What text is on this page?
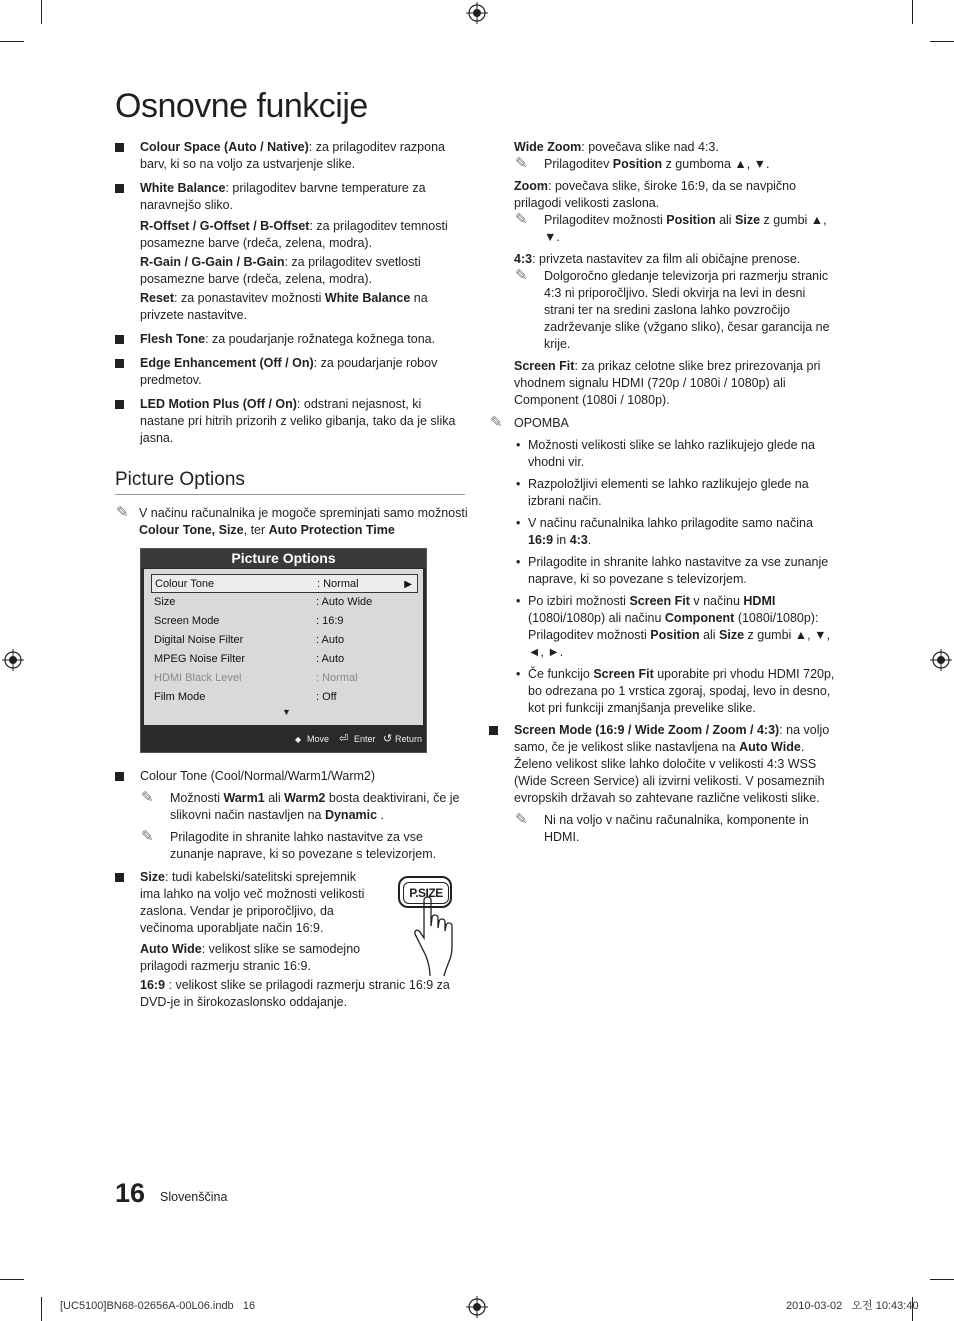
Osnovne funkcije

Colour Space (Auto / Native): za prilagoditev razpona barv, ki so na voljo za ustvarjenje slike.

White Balance: prilagoditev barvne temperature za naravnejšo sliko.

R-Offset / G-Offset / B-Offset: za prilagoditev temnosti posamezne barve (rdeča, zelena, modra).

R-Gain / G-Gain / B-Gain: za prilagoditev svetlosti posamezne barve (rdeča, zelena, modra).

Reset: za ponastavitev možnosti White Balance na privzete nastavitve.

Flesh Tone: za poudarjanje rožnatega kožnega tona.

Edge Enhancement (Off / On): za poudarjanje robov predmetov.

LED Motion Plus (Off / On): odstrani nejasnost, ki nastane pri hitrih prizorih z veliko gibanja, tako da je slika jasna.

Picture Options
✎ V načinu računalnika je mogoče spreminjati samo možnosti Colour Tone, Size, ter Auto Protection Time

Picture Options
Colour Tone	: Normal	▶
Size	: Auto Wide
Screen Mode	: 16:9
Digital Noise Filter	: Auto
MPEG Noise Filter	: Auto
HDMI Black Level	: Normal
Film Mode	: Off
▼
◆ Move ⏎ Enter ↺ Return

Colour Tone (Cool/Normal/Warm1/Warm2)

✎ Možnosti Warm1 ali Warm2 bosta deaktivirani, če je slikovni način nastavljen na Dynamic .

✎ Prilagodite in shranite lahko nastavitve za vse zunanje naprave, ki so povezane s televizorjem.

Size: tudi kabelski/satelitski sprejemnik ima lahko na voljo več možnosti velikosti zaslona. Vendar je priporočljivo, da večinoma uporabljate način 16:9.

Auto Wide: velikost slike se samodejno prilagodi razmerju stranic 16:9.

16:9 : velikost slike se prilagodi razmerju stranic 16:9 za DVD-je in širokozaslonsko oddajanje.

P.SIZE

Wide Zoom: povečava slike nad 4:3.

✎ Prilagoditev Position z gumboma ▲, ▼.

Zoom: povečava slike, široke 16:9, da se navpično prilagodi velikosti zaslona.

✎ Prilagoditev možnosti Position ali Size z gumbi ▲, ▼.

4:3: privzeta nastavitev za film ali običajne prenose.

✎ Dolgoročno gledanje televizorja pri razmerju stranic 4:3 ni priporočljivo. Sledi okvirja na levi in desni strani ter na sredini zaslona lahko povzročijo zadrževanje slike (vžgano sliko), česar garancija ne krije.

Screen Fit: za prikaz celotne slike brez prirezovanja pri vhodnem signalu HDMI (720p / 1080i / 1080p) ali Component (1080i / 1080p).

✎ OPOMBA

• Možnosti velikosti slike se lahko razlikujejo glede na vhodni vir.

• Razpoložljivi elementi se lahko razlikujejo glede na izbrani način.

• V načinu računalnika lahko prilagodite samo načina 16:9 in 4:3.

• Prilagodite in shranite lahko nastavitve za vse zunanje naprave, ki so povezane s televizorjem.

• Po izbiri možnosti Screen Fit v načinu HDMI (1080i/1080p) ali načinu Component (1080i/1080p): Prilagoditev možnosti Position ali Size z gumbi ▲, ▼, ◄, ►.

• Če funkcijo Screen Fit uporabite pri vhodu HDMI 720p, bo odrezana po 1 vrstica zgoraj, spodaj, levo in desno, kot pri funkciji zmanjšanja prevelike slike.

Screen Mode (16:9 / Wide Zoom / Zoom / 4:3): na voljo samo, če je velikost slike nastavljena na Auto Wide. Želeno velikost slike lahko določite v velikosti 4:3 WSS (Wide Screen Service) ali izvirni velikosti. V posameznih evropskih državah so zahtevane različne velikosti slike.

✎ Ni na voljo v načinu računalnika, komponente in HDMI.

16 Slovenščina
[UC5100]BN68-02656A-00L06.indb   16	2010-03-02   오전 10:43:40
